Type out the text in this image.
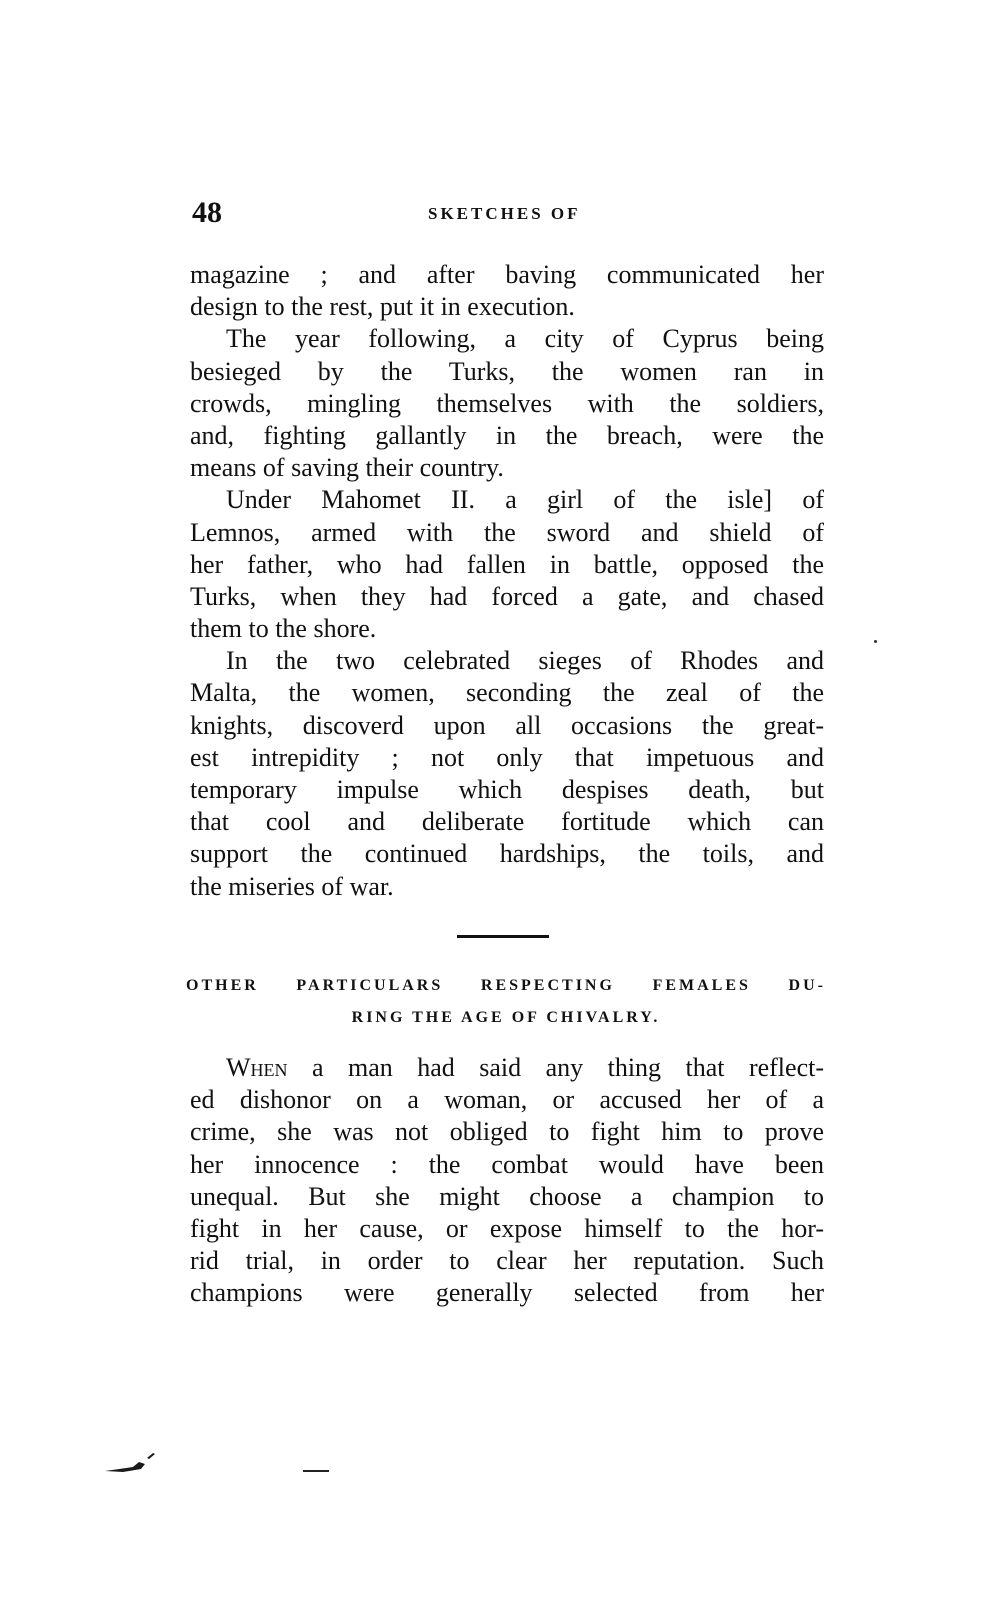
48	SKETCHES OF
magazine ; and after baving communicated her
design to the rest, put it in execution.
The year following, a city of Cyprus being
besieged by the Turks, the women ran in
crowds, mingling themselves with the soldiers,
and, fighting gallantly in the breach, were the
means of saving their country.
Under Mahomet II. a girl of the isle] of
Lemnos, armed with the sword and shield of
her father, who had fallen in battle, opposed the
Turks, when they had forced a gate, and chased
them to the shore.
In the two celebrated sieges of Rhodes and
Malta, the women, seconding the zeal of the
knights, discoverd upon all occasions the great-
est intrepidity ; not only that impetuous and
temporary impulse which despises death, but
that cool and deliberate fortitude which can
support the continued hardships, the toils, and
the miseries of war.
OTHER PARTICULARS RESPECTING FEMALES DU-
RING THE AGE OF CHIVALRY.
When a man had said any thing that reflect-
ed dishonor on a woman, or accused her of a
crime, she was not obliged to fight him to prove
her innocence : the combat would have been
unequal. But she might choose a champion to
fight in her cause, or expose himself to the hor-
rid trial, in order to clear her reputation. Such
champions were generally selected from her
